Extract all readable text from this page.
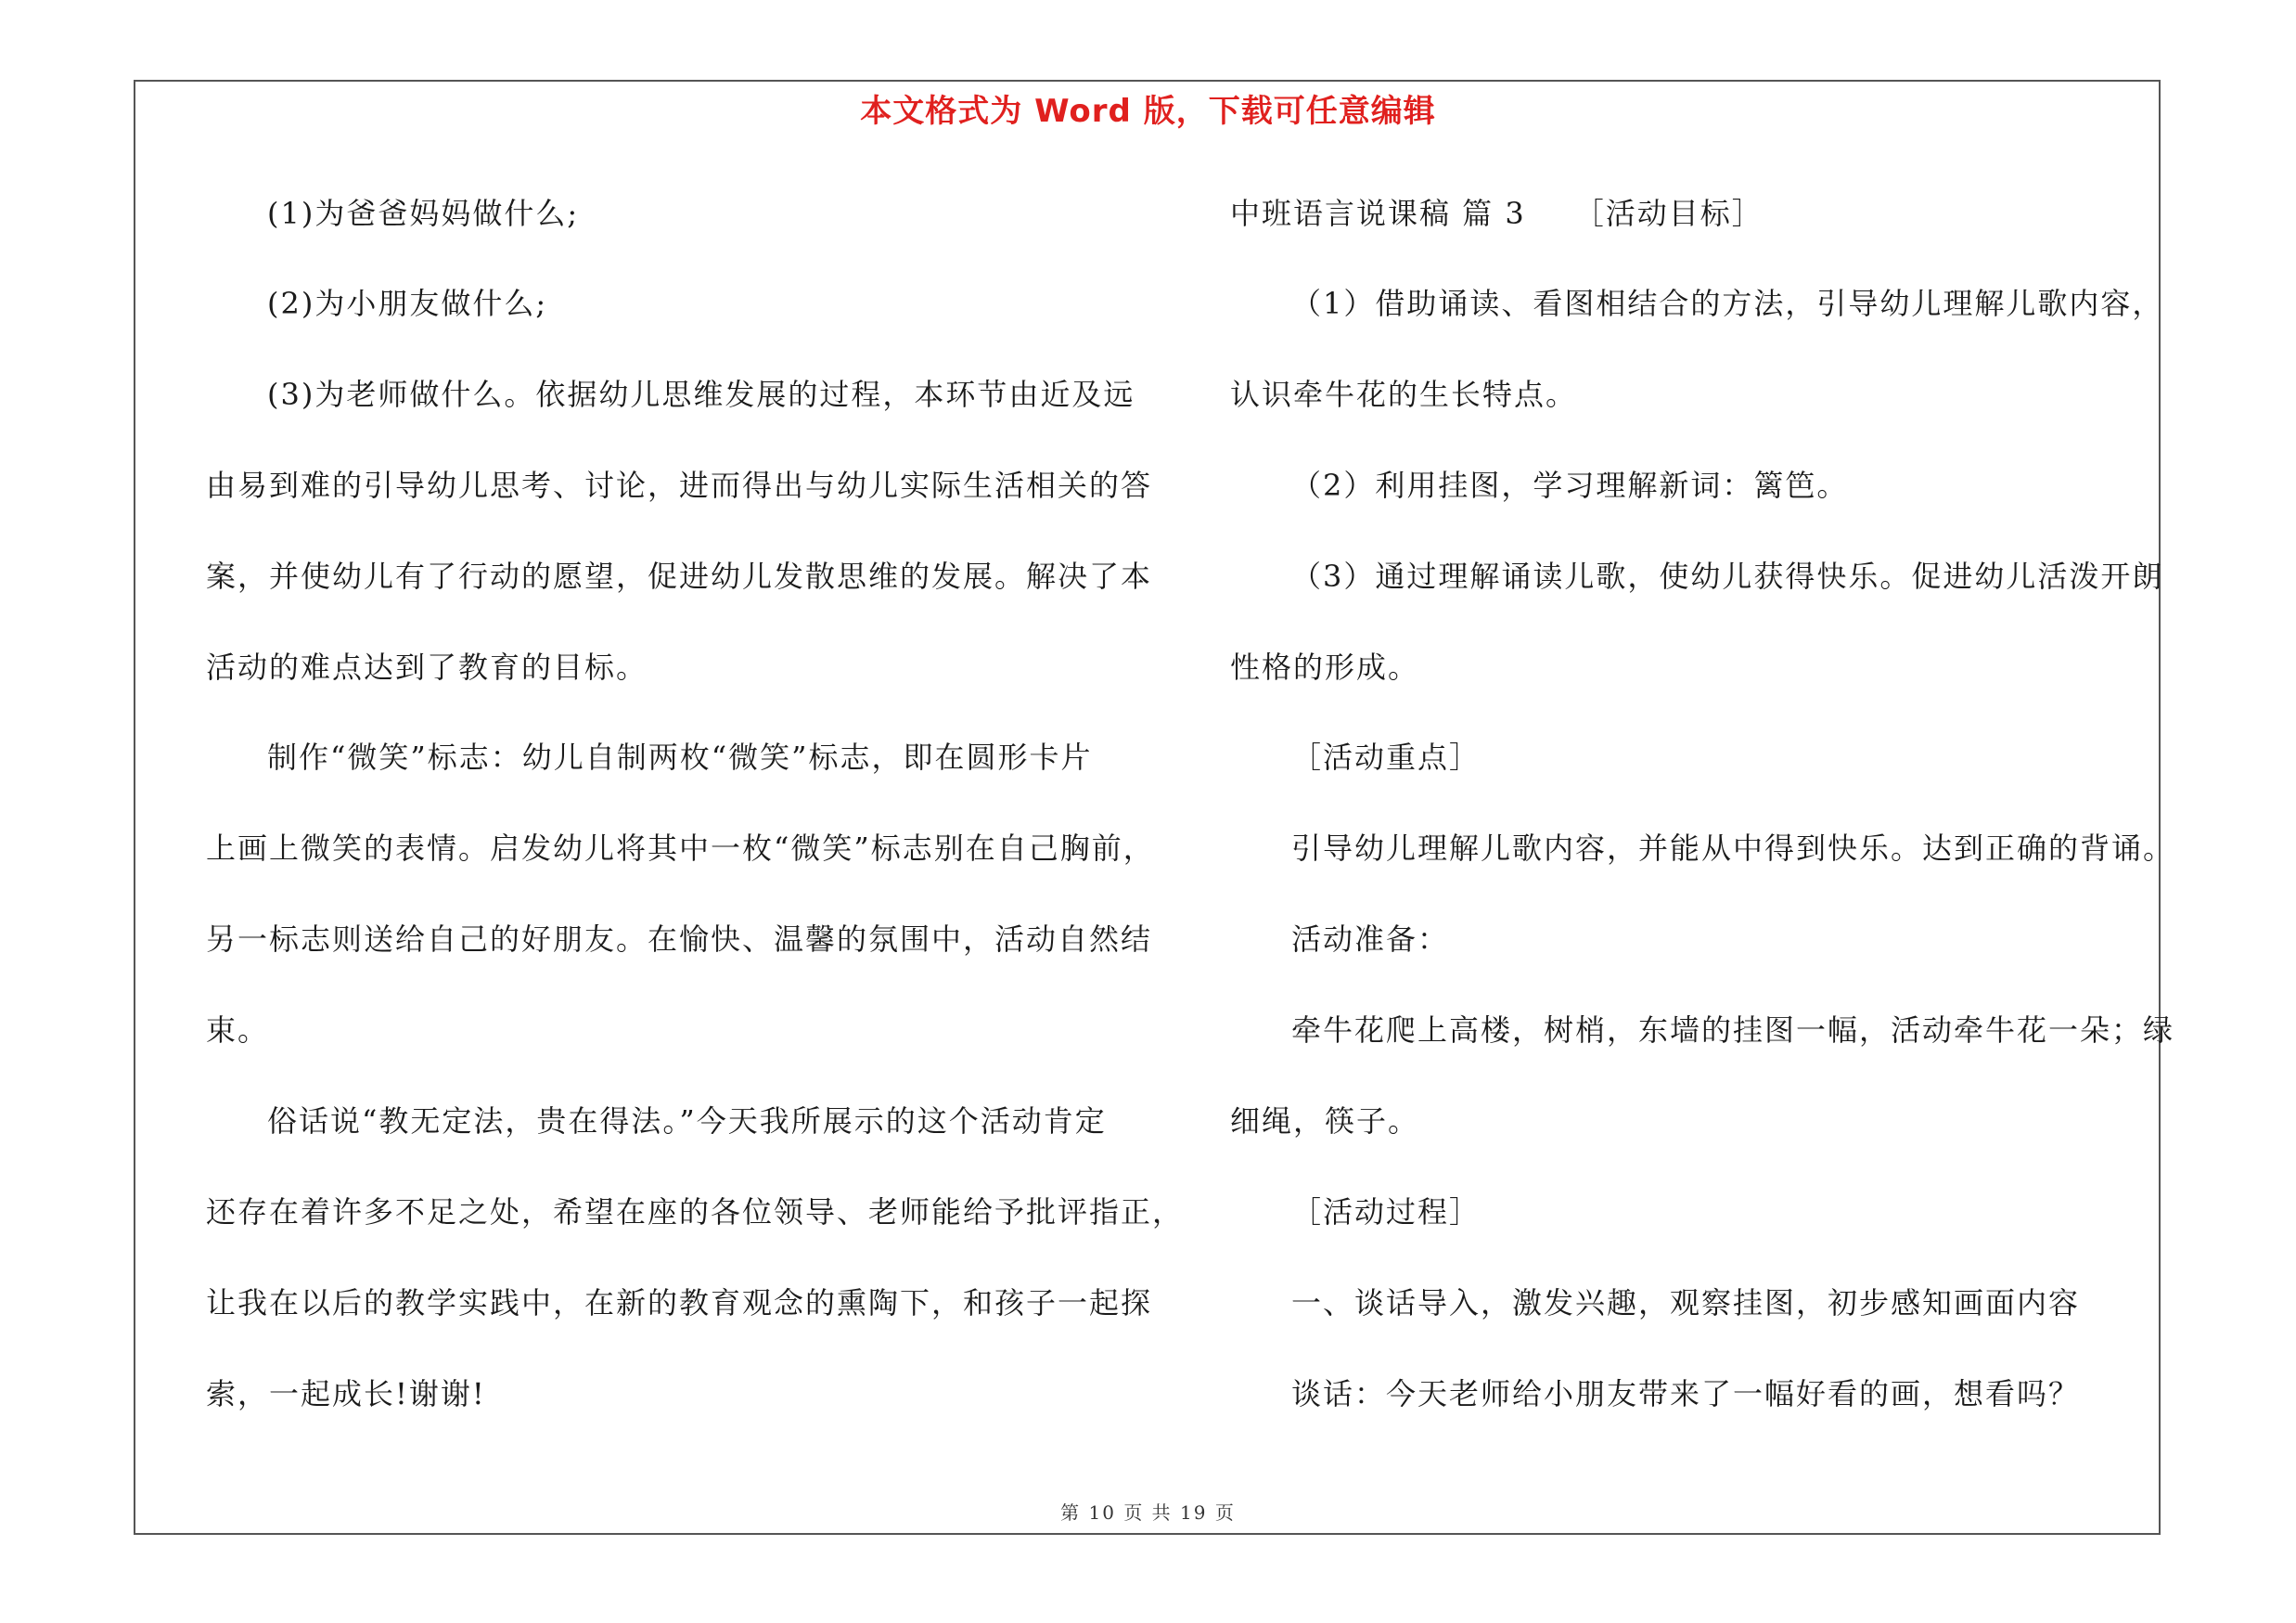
本文格式为 Word 版，下载可任意编辑
(1)为爸爸妈妈做什么;
(2)为小朋友做什么;
(3)为老师做什么。依据幼儿思维发展的过程，本环节由近及远
由易到难的引导幼儿思考、讨论，进而得出与幼儿实际生活相关的答
案，并使幼儿有了行动的愿望，促进幼儿发散思维的发展。解决了本
活动的难点达到了教育的目标。
制作“微笑”标志：幼儿自制两枚“微笑”标志，即在圆形卡片
上画上微笑的表情。启发幼儿将其中一枚“微笑”标志别在自己胸前，
另一标志则送给自己的好朋友。在愉快、温馨的氛围中，活动自然结
束。
俗话说“教无定法，贵在得法。”今天我所展示的这个活动肯定
还存在着许多不足之处，希望在座的各位领导、老师能给予批评指正，
让我在以后的教学实践中，在新的教育观念的熏陶下，和孩子一起探
索，一起成长!谢谢!
中班语言说课稿 篇 3　　［活动目标］
（1）借助诵读、看图相结合的方法，引导幼儿理解儿歌内容，
认识牵牛花的生长特点。
（2）利用挂图，学习理解新词：篱笆。
（3）通过理解诵读儿歌，使幼儿获得快乐。促进幼儿活泼开朗
性格的形成。
［活动重点］
引导幼儿理解儿歌内容，并能从中得到快乐。达到正确的背诵。
活动准备：
牵牛花爬上高楼，树梢，东墙的挂图一幅，活动牵牛花一朵；绿
细绳，筷子。
［活动过程］
一、谈话导入，激发兴趣，观察挂图，初步感知画面内容
谈话：今天老师给小朋友带来了一幅好看的画，想看吗？
第 10 页 共 19 页
